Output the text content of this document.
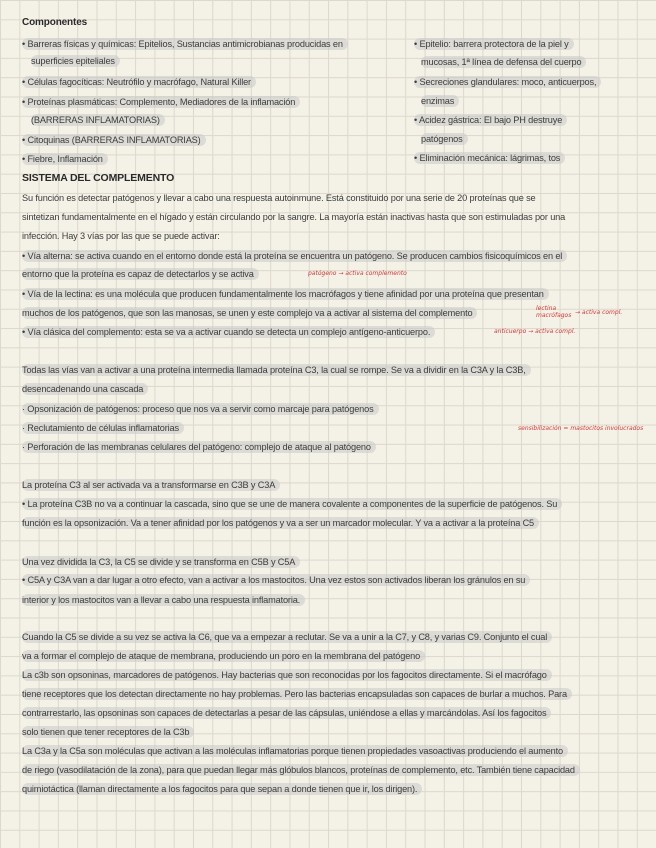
Componentes
• Barreras físicas y químicas: Epitelios, Sustancias antimicrobianas producidas en
superficies epiteliales
• Células fagocíticas: Neutrófilo y macrófago, Natural Killer
• Proteínas plasmáticas: Complemento, Mediadores de la inflamación
(BARRERAS INFLAMATORIAS)
• Citoquinas (BARRERAS INFLAMATORIAS)
• Fiebre, Inflamación
• Epitelio: barrera protectora de la piel y
mucosas, 1ª línea de defensa del cuerpo
• Secreciones glandulares: moco, anticuerpos,
enzimas
• Acidez gástrica: El bajo PH destruye
patógenos
• Eliminación mecánica: lágrimas, tos
SISTEMA DEL COMPLEMENTO
Su función es detectar patógenos y llevar a cabo una respuesta autoinmune. Está constituido por una serie de 20 proteínas que se
sintetizan fundamentalmente en el hígado y están circulando por la sangre. La mayoría están inactivas hasta que son estimuladas por una
infección. Hay 3 vías por las que se puede activar:
• Vía alterna: se activa cuando en el entorno donde está la proteína se encuentra un patógeno. Se producen cambios fisicoquímicos en el
entorno que la proteína es capaz de detectarlos y se activa
• Vía de la lectina: es una molécula que producen fundamentalmente los macrófagos y tiene afinidad por una proteína que presentan
muchos de los patógenos, que son las manosas, se unen y este complejo va a activar al sistema del complemento
• Vía clásica del complemento: esta se va a activar cuando se detecta un complejo antígeno-anticuerpo.
patógeno → activa complemento
lectina
macrófagos → activa compl.
anticuerpo → activa compl.
sensibilización = mastocitos involucrados
Todas las vías van a activar a una proteína intermedia llamada proteína C3, la cual se rompe. Se va a dividir en la C3A y la C3B,
desencadenando una cascada
· Opsonización de patógenos: proceso que nos va a servir como marcaje para patógenos
· Reclutamiento de células inflamatorias
· Perforación de las membranas celulares del patógeno: complejo de ataque al patógeno
La proteína C3 al ser activada va a transformarse en C3B y C3A
• La proteína C3B no va a continuar la cascada, sino que se une de manera covalente a componentes de la superficie de patógenos. Su
función es la opsonización. Va a tener afinidad por los patógenos y va a ser un marcador molecular. Y va a activar a la proteína C5
Una vez dividida la C3, la C5 se divide y se transforma en C5B y C5A
• C5A y C3A van a dar lugar a otro efecto, van a activar a los mastocitos. Una vez estos son activados liberan los gránulos en su
interior y los mastocitos van a llevar a cabo una respuesta inflamatoria.
Cuando la C5 se divide a su vez se activa la C6, que va a empezar a reclutar. Se va a unir a la C7, y C8, y varias C9. Conjunto el cual
va a formar el complejo de ataque de membrana, produciendo un poro en la membrana del patógeno
La c3b son opsoninas, marcadores de patógenos. Hay bacterias que son reconocidas por los fagocitos directamente. Si el macrófago
tiene receptores que los detectan directamente no hay problemas. Pero las bacterias encapsuladas son capaces de burlar a muchos. Para
contrarrestarlo, las opsoninas son capaces de detectarlas a pesar de las cápsulas, uniéndose a ellas y marcándolas. Así los fagocitos
solo tienen que tener receptores de la C3b
La C3a y la C5a son moléculas que activan a las moléculas inflamatorias porque tienen propiedades vasoactivas produciendo el aumento
de riego (vasodilatación de la zona), para que puedan llegar más glóbulos blancos, proteínas de complemento, etc. También tiene capacidad
quimiotáctica (llaman directamente a los fagocitos para que sepan a donde tienen que ir, los dirigen).
